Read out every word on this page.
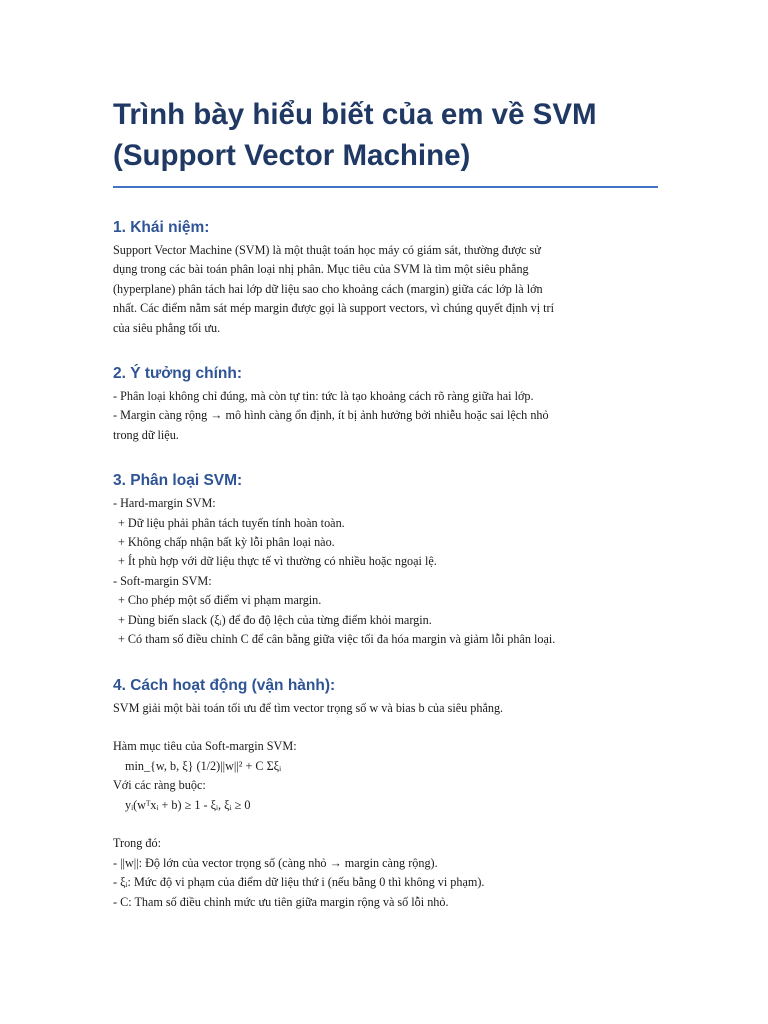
Trình bày hiểu biết của em về SVM
(Support Vector Machine)
1. Khái niệm:

Support Vector Machine (SVM) là một thuật toán học máy có giám sát, thường được sử

dụng trong các bài toán phân loại nhị phân. Mục tiêu của SVM là tìm một siêu phẳng

(hyperplane) phân tách hai lớp dữ liệu sao cho khoảng cách (margin) giữa các lớp là lớn

nhất. Các điểm nằm sát mép margin được gọi là support vectors, vì chúng quyết định vị trí

của siêu phẳng tối ưu.

2. Ý tưởng chính:

- Phân loại không chỉ đúng, mà còn tự tin: tức là tạo khoảng cách rõ ràng giữa hai lớp.

- Margin càng rộng → mô hình càng ổn định, ít bị ảnh hưởng bởi nhiễu hoặc sai lệch nhỏ

trong dữ liệu.

3. Phân loại SVM:

- Hard-margin SVM:

+ Dữ liệu phải phân tách tuyến tính hoàn toàn.

+ Không chấp nhận bất kỳ lỗi phân loại nào.

+ Ít phù hợp với dữ liệu thực tế vì thường có nhiều hoặc ngoại lệ.

- Soft-margin SVM:

+ Cho phép một số điểm vi phạm margin.

+ Dùng biến slack (ξᵢ) để đo độ lệch của từng điểm khỏi margin.

+ Có tham số điều chỉnh C để cân bằng giữa việc tối đa hóa margin và giảm lỗi phân loại.

4. Cách hoạt động (vận hành):

SVM giải một bài toán tối ưu để tìm vector trọng số w và bias b của siêu phẳng.

Hàm mục tiêu của Soft-margin SVM:

min_{w, b, ξ} (1/2)||w||² + C Σξᵢ

Với các ràng buộc:

yᵢ(wᵀxᵢ + b) ≥ 1 - ξᵢ, ξᵢ ≥ 0

Trong đó:

- ||w||: Độ lớn của vector trọng số (càng nhỏ → margin càng rộng).

- ξᵢ: Mức độ vi phạm của điểm dữ liệu thứ i (nếu bằng 0 thì không vi phạm).

- C: Tham số điều chỉnh mức ưu tiên giữa margin rộng và số lỗi nhỏ.
